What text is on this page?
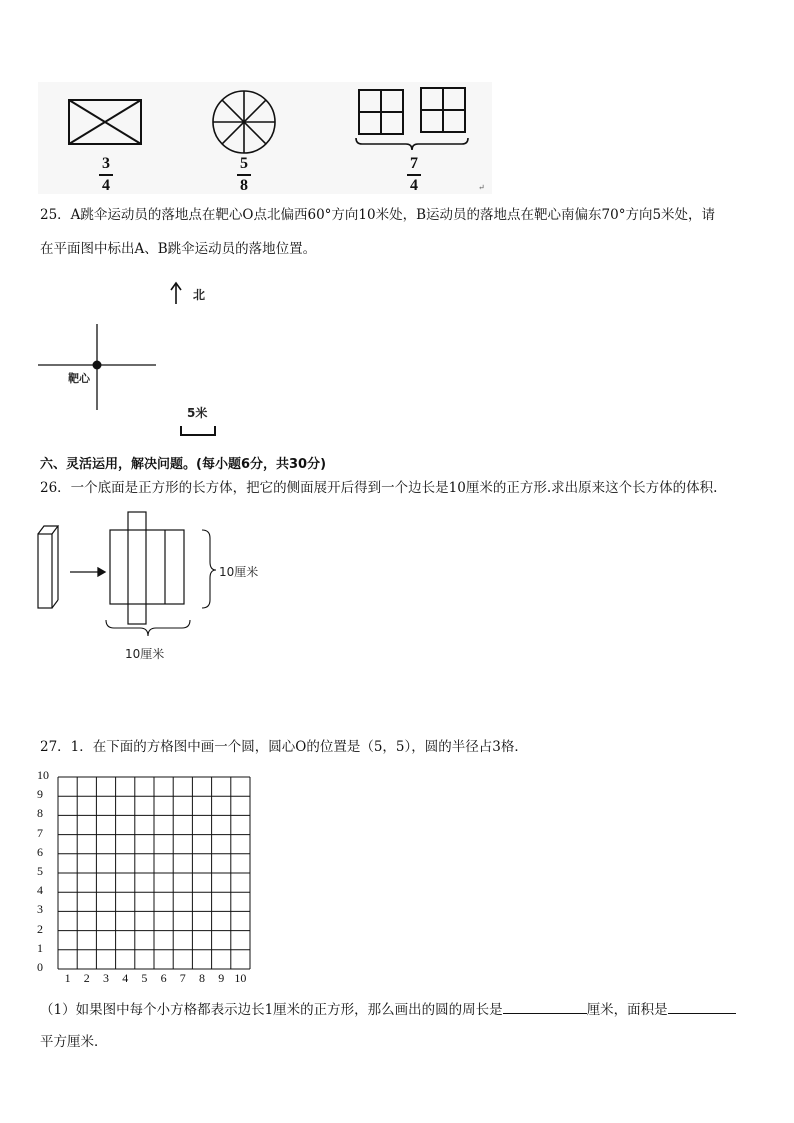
↵
3
4
5
8
7
4
25．A跳伞运动员的落地点在靶心O点北偏西60°方向10米处，B运动员的落地点在靶心南偏东70°方向5米处，请
在平面图中标出A、B跳伞运动员的落地位置。
北
靶心
5米
六、灵活运用，解决问题。(每小题6分，共30分)
26．一个底面是正方形的长方体，把它的侧面展开后得到一个边长是10厘米的正方形.求出原来这个长方体的体积.
10厘米
10厘米
27．1．在下面的方格图中画一个圆，圆心O的位置是（5，5），圆的半径占3格．
10
9
8
7
6
5
4
3
2
1
0
1	2	3	4	5	6	7	8	9 10
（1）如果图中每个小方格都表示边长1厘米的正方形，那么画出的圆的周长是	厘米，面积是
平方厘米．
